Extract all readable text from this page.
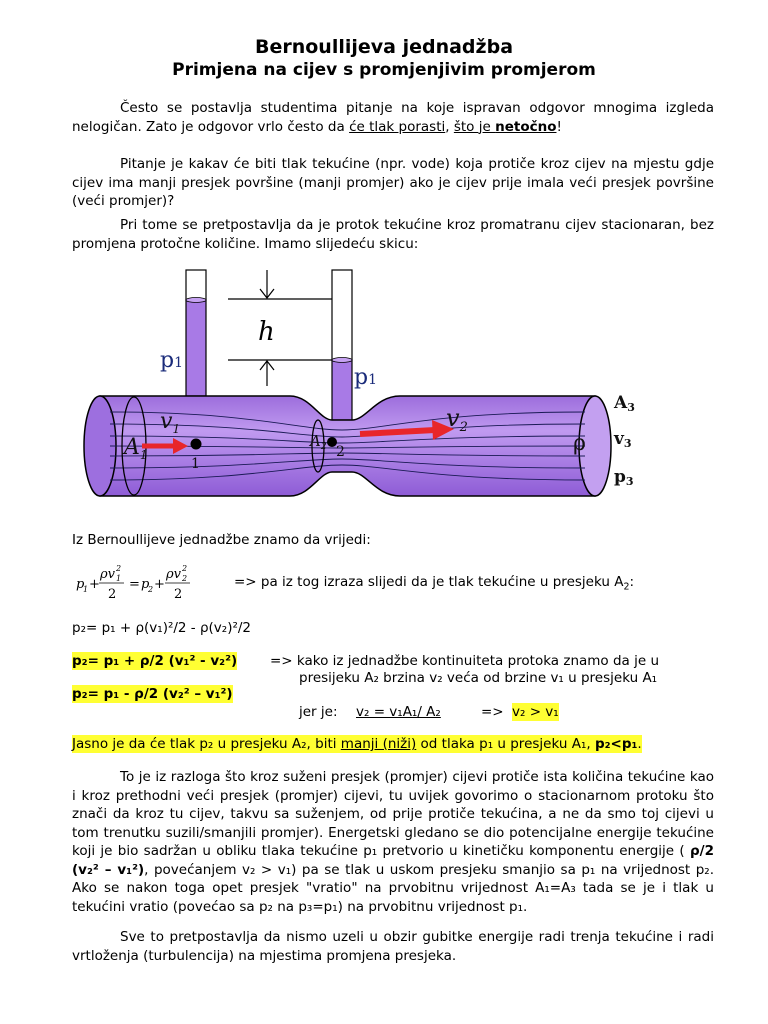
Bernoullijeva jednadžba
Primjena na cijev s promjenjivim promjerom
Često se postavlja studentima pitanje na koje ispravan odgovor mnogima izgleda nelogičan. Zato je odgovor vrlo često da će tlak porasti, što je netočno!
Pitanje je kakav će biti tlak tekućine (npr. vode) koja protiče kroz cijev na mjestu gdje cijev ima manji presjek površine (manji promjer) ako je cijev prije imala veći presjek površine (veći promjer)?
Pri tome se pretpostavlja da je protok tekućine kroz promatranu cijev stacionaran, bez promjena protočne količine. Imamo slijedeću skicu:
h
p1
p1
$A_1$
$v_1$
1
$A_2$ 2
$v_2$
ρ
A3
v3
p3
Iz Bernoullijeve jednadžbe znamo da vrijedi:
p
1 +
ρv 2
1
2
= p
2 +
ρv 2
2
2
=> pa iz tog izraza slijedi da je tlak tekućine u presjeku $A_2$:
p₂= p₁ + ρ(v₁)²/2 - ρ(v₂)²/2
p₂= p₁ + ρ/2 (v₁² - v₂²) => kako iz jednadžbe kontinuiteta protoka znamo da je u
presijeku A₂ brzina v₂ veća od brzine v₁ u presjeku A₁
p₂= p₁ - ρ/2 (v₂² – v₁²)
jer je: v₂ = v₁A₁/ A₂	=> v₂ > v₁
Jasno je da će tlak p₂ u presjeku A₂, biti manji (niži) od tlaka p₁ u presjeku A₁, p₂<p₁.
To je iz razloga što kroz suženi presjek (promjer) cijevi protiče ista količina tekućine kao i kroz prethodni veći presjek (promjer) cijevi, tu uvijek govorimo o stacionarnom protoku što znači da kroz tu cijev, takvu sa suženjem, od prije protiče tekućina, a ne da smo toj cijevi u tom trenutku suzili/smanjili promjer). Energetski gledano se dio potencijalne energije tekućine koji je bio sadržan u obliku tlaka tekućine p₁ pretvorio u kinetičku komponentu energije ( ρ/2 (v₂² – v₁²), povećanjem v₂ > v₁) pa se tlak u uskom presjeku smanjio sa p₁ na vrijednost p₂. Ako se nakon toga opet presjek "vratio" na prvobitnu vrijednost A₁=A₃ tada se je i tlak u tekućini vratio (povećao sa p₂ na p₃=p₁) na prvobitnu vrijednost p₁.
Sve to pretpostavlja da nismo uzeli u obzir gubitke energije radi trenja tekućine i radi vrtloženja (turbulencija) na mjestima promjena presjeka.
